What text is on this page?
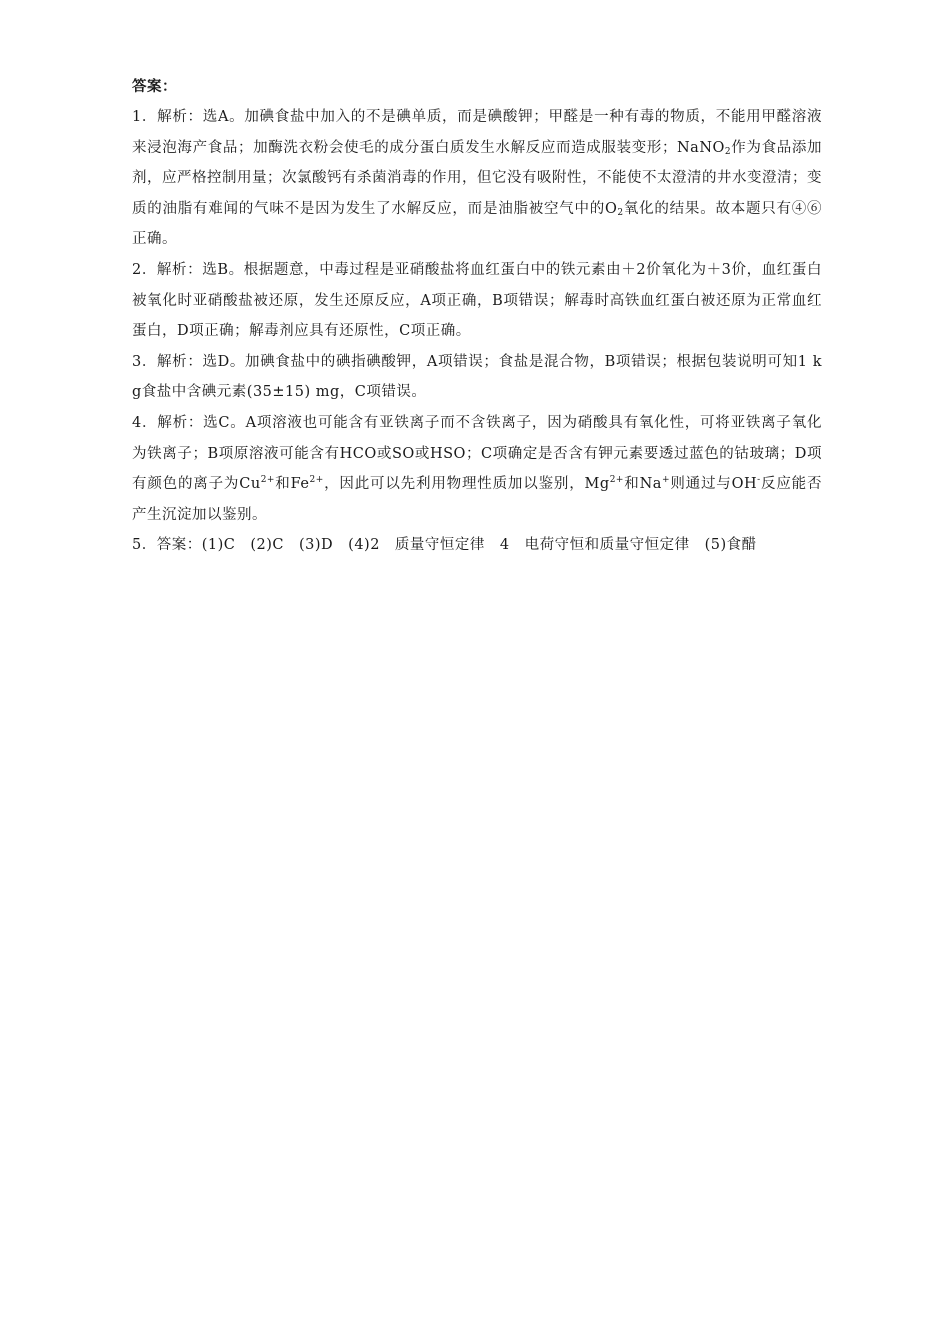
答案：

1．解析：选A。加碘食盐中加入的不是碘单质，而是碘酸钾；甲醛是一种有毒的物质，不能用甲醛溶液来浸泡海产食品；加酶洗衣粉会使毛的成分蛋白质发生水解反应而造成服装变形；NaNO$_2$作为食品添加剂，应严格控制用量；次氯酸钙有杀菌消毒的作用，但它没有吸附性，不能使不太澄清的井水变澄清；变质的油脂有难闻的气味不是因为发生了水解反应，而是油脂被空气中的$O_2$氧化的结果。故本题只有④⑥正确。

2．解析：选B。根据题意，中毒过程是亚硝酸盐将血红蛋白中的铁元素由＋2价氧化为＋3价，血红蛋白被氧化时亚硝酸盐被还原，发生还原反应，A项正确，B项错误；解毒时高铁血红蛋白被还原为正常血红蛋白，D项正确；解毒剂应具有还原性，C项正确。

3．解析：选D。加碘食盐中的碘指碘酸钾，A项错误；食盐是混合物，B项错误；根据包装说明可知1 kg食盐中含碘元素(35±15) mg，C项错误。

4．解析：选C。A项溶液也可能含有亚铁离子而不含铁离子，因为硝酸具有氧化性，可将亚铁离子氧化为铁离子；B项原溶液可能含有HCO或SO或HSO；C项确定是否含有钾元素要透过蓝色的钴玻璃；D项有颜色的离子为$Cu^{2+}$和$Fe^{2+}$，因此可以先利用物理性质加以鉴别，$Mg^{2+}$和Na+则通过与OH-反应能否产生沉淀加以鉴别。

5．答案：(1)C　(2)C　(3)D　(4)2　质量守恒定律　4　电荷守恒和质量守恒定律　(5)食醋
